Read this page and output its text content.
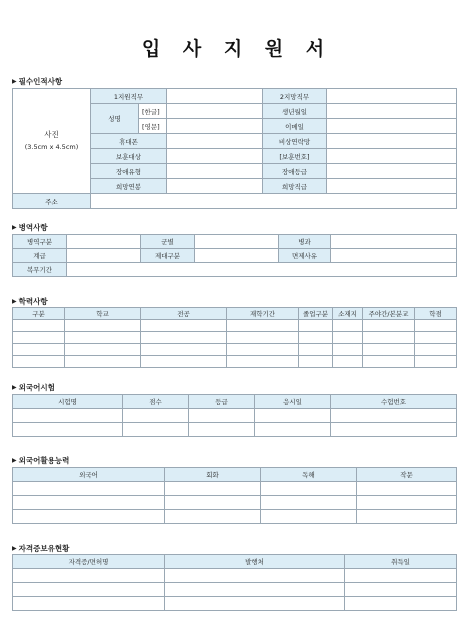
입 사 지 원 서
▶ 필수인적사항
사진
(3.5cm x 4.5cm)	1지원직무			2지망직무	
	성명	[한글]		생년월일	
		[영문]		이메일	
	휴대폰			비상연락망	
	보훈대상			[보훈번호]	
	장애유형			장애등급	
	희망연봉			희망직급	
주소					
▶ 병역사항
병역구분		군별		병과	
계급		제대구분		면제사유	
복무기간					
▶ 학력사항
구분	학교	전공	재학기간	졸업구분	소재지	주야간/본분교	학점

▶ 외국어시험
시험명	점수	등급	응시일	수험번호

▶ 외국어활용능력
외국어	회화	독해	작문

▶ 자격증보유현황
자격증/면허명	발행처	취득일
